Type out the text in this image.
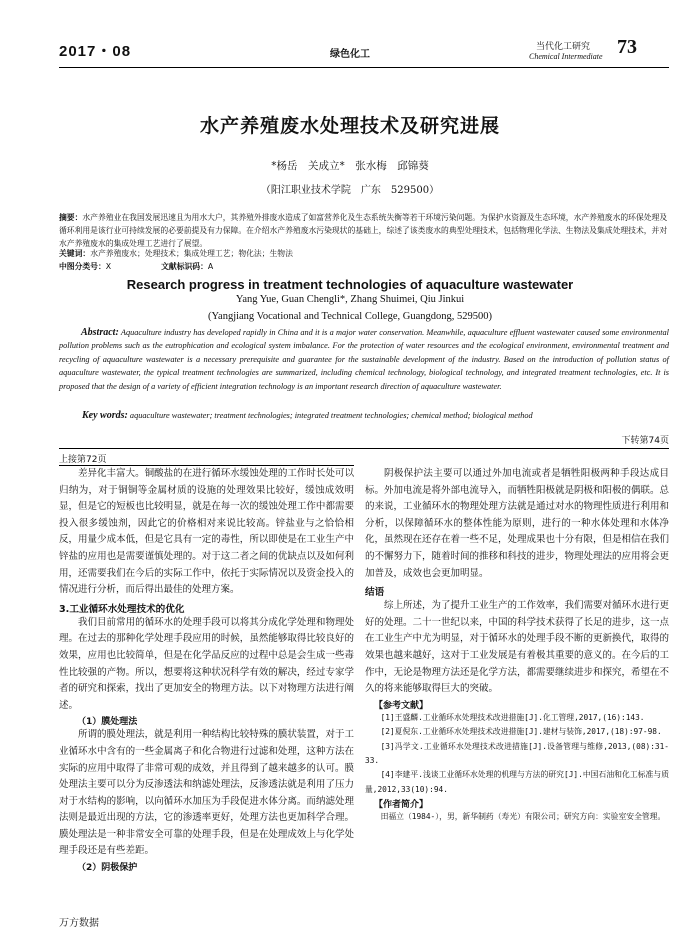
2017・08	绿色化工
当代化工研究
Chemical Intermediate 73
水产养殖废水处理技术及研究进展
*杨岳　关成立*　张水梅　邱锦葵
（阳江职业技术学院　广东　529500）
摘要：水产养殖业在我国发展迅速且为用水大户，其养殖外排废水造成了如富营养化及生态系统失衡等若干环境污染问题。为保护水资源及生态环境，水产养殖废水的环保处理及循环利用是该行业可持续发展的必要前提及有力保障。在介绍水产养殖废水污染现状的基础上，综述了该类废水的典型处理技术，包括物理化学法、生物法及集成处理技术，并对水产养殖废水的集成处理工艺进行了展望。
关键词：水产养殖废水；处理技术；集成处理工艺；物化法；生物法
中图分类号：X	文献标识码：A
Research progress in treatment technologies of aquaculture wastewater
Yang Yue, Guan Chengli*, Zhang Shuimei, Qiu Jinkui
(Yangjiang Vocational and Technical College, Guangdong, 529500)
Abstract: Aquaculture industry has developed rapidly in China and it is a major water conservation. Meanwhile, aquaculture effluent wastewater caused some environmental pollution problems such as the eutrophication and ecological system imbalance. For the protection of water resources and the ecological environment, environmental treatment and recycling of aquaculture wastewater is a necessary prerequisite and guarantee for the sustainable development of the industry. Based on the introduction of pollution status of aquaculture wastewater, the typical treatment technologies are summarized, including chemical technology, biological technology, and integrated treatment technologies, etc. It is proposed that the design of a variety of efficient integration technology is an important research direction of aquaculture wastewater.
Key words: aquaculture wastewater; treatment technologies; integrated treatment technologies; chemical method; biological method
下转第74页
上接第72页

差异化丰富大。铜酸盐的在进行循环水缓蚀处理的工作时长处可以归纳为，对于铜铜等金属材质的设施的处理效果比较好，缓蚀成效明显，但是它的短板也比较明显，就是在每一次的缓蚀处理工作中都需要投入很多缓蚀剂，因此它的价格相对来说比较高。锌盐业与之恰恰相反，用量少成本低，但是它具有一定的毒性，所以即使是在工业生产中锌盐的应用也是需要谨慎处理的。对于这二者之间的优缺点以及如何利用，还需要我们在今后的实际工作中，依托于实际情况以及资金投入的情况进行分析，而后得出最佳的处理方案。

3.工业循环水处理技术的优化

我们目前常用的循环水的处理手段可以将其分成化学处理和物理处理。在过去的那种化学处理手段应用的时候，虽然能够取得比较良好的效果，应用也比较简单，但是在化学品反应的过程中总是会生成一些毒性比较强的产物。所以，想要将这种状况科学有效的解决，经过专家学者的研究和探索，找出了更加安全的物理方法。以下对物理方法进行阐述。

（1）膜处理法

所谓的膜处理法，就是利用一种结构比较特殊的膜状装置，对于工业循环水中含有的一些金属离子和化合物进行过滤和处理，这种方法在实际的应用中取得了非常可观的成效，并且得到了越来越多的认可。膜处理法主要可以分为反渗透法和纳滤处理法，反渗透法就是利用了压力对于水结构的影响，以向循环水加压为手段促进水体分离。而纳滤处理法则是最近出现的方法，它的渗透率更好，处理方法也更加科学合理。膜处理法是一种非常安全可靠的处理手段，但是在处理成效上与化学处理手段还是有些差距。

（2）阴极保护

阴极保护法主要可以通过外加电流或者是牺牲阳极两种手段达成目标。外加电流是将外部电流导入，而牺牲阳极就是阴极和阳极的偶联。总的来说，工业循环水的物理处理方法就是通过对水的物理性质进行利用和分析，以保障循环水的整体性能为原则，进行的一种水体处理和水体净化，虽然现在还存在着一些不足，处理成果也十分有限，但是相信在我们的不懈努力下，随着时间的推移和科技的进步，物理处理法的应用将会更加普及，成效也会更加明显。

结语

综上所述，为了提升工业生产的工作效率，我们需要对循环水进行更好的处理。二十一世纪以来，中国的科学技术获得了长足的进步，这一点在工业生产中尤为明显，对于循环水的处理手段不断的更新换代，取得的效果也越来越好，这对于工业发展是有着极其重要的意义的。在今后的工作中，无论是物理方法还是化学方法，都需要继续进步和探究，希望在不久的将来能够取得巨大的突破。

【参考文献】

[1]王盛麟.工业循环水处理技术改进措施[J].化工管理,2017,(16):143.

[2]夏倪东.工业循环水处理技术改进措施[J].建材与装饰,2017,(18):97-98.

[3]冯学文.工业循环水处理技术改进措施[J].设备管理与维修,2013,(08):31-33.

[4]李建平.浅谈工业循环水处理的机理与方法的研究[J].中国石油和化工标准与质量,2012,33(10):94.

【作者简介】

田福立（1984-），男，新华制药（寿光）有限公司；研究方向：实验室安全管理。

万方数据
